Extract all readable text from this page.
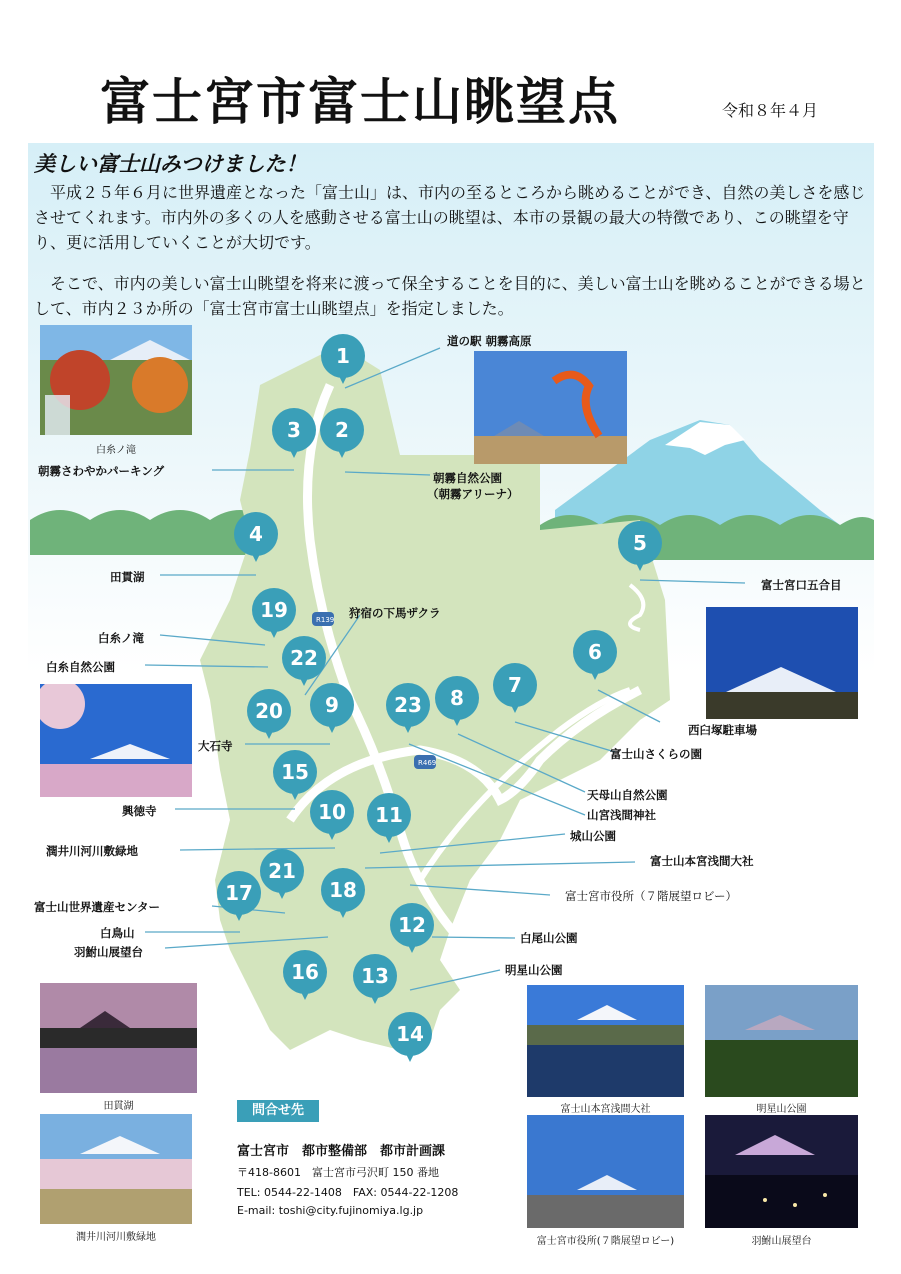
富士宮市富士山眺望点	令和８年４月
美しい富士山みつけました！
　平成２５年６月に世界遺産となった「富士山」は、市内の至るところから眺めることができ、自然の美しさを感じさせてくれます。市内外の多くの人を感動させる富士山の眺望は、本市の景観の最大の特徴であり、この眺望を守り、更に活用していくことが大切です。
　そこで、市内の美しい富士山眺望を将来に渡って保全することを目的に、美しい富士山を眺めることができる場として、市内２３か所の「富士宮市富士山眺望点」を指定しました。
R139
R469
道の駅 朝霧高原
朝霧自然公園
（朝霧アリーナ）
朝霧さわやかパーキング
田貫湖
富士宮口五合目
西臼塚駐車場
富士山さくらの園
天母山自然公園
山宮浅間神社
狩宿の下馬ザクラ
白糸ノ滝
白糸自然公園
大石寺
興徳寺
潤井川河川敷緑地
城山公園
富士山本宮浅間大社
富士山世界遺産センター
白鳥山
羽鮒山展望台
白尾山公園
富士宮市役所（７階展望ロビー）
明星山公園
1
2
3
4	5
6
7
8
9
10	11
12
13
14
15
16
17	18
19
20
21
22
23
白糸ノ滝
田貫湖
潤井川河川敷緑地
富士山本宮浅間大社	明星山公園
富士宮市役所(７階展望ロビー)	羽鮒山展望台
問合せ先
富士宮市　都市整備部　都市計画課
〒418-8601　富士宮市弓沢町 150 番地
TEL: 0544-22-1408　FAX: 0544-22-1208
E-mail: toshi@city.fujinomiya.lg.jp
